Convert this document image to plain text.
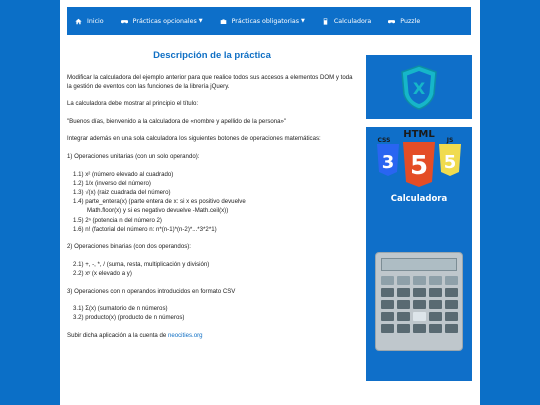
Inicio	Prácticas opcionales ▼	Prácticas obligatorias ▼	Calculadora	Puzzle
Descripción de la práctica

Modificar la calculadora del ejemplo anterior para que realice todos sus accesos a elementos DOM y toda la gestión de eventos con las funciones de la librería jQuery.

La calculadora debe mostrar al principio el título:

"Buenos días, bienvenido a la calculadora de «nombre y apellido de la persona»"

Integrar además en una sola calculadora los siguientes botones de operaciones matemáticas:

1) Operaciones unitarias (con un solo operando):

1.1) x² (número elevado al cuadrado)
1.2) 1/x (inverso del número)
1.3) √(x) (raiz cuadrada del número)
1.4) parte_entera(x) (parte entera de x: si x es positivo devuelve
Math.floor(x) y si es negativo devuelve -Math.ceil(x))
1.5) 2ⁿ (potencia n del número 2)
1.6) n! (factorial del número n: n*(n-1)*(n-2)*...*3*2*1)

2) Operaciones binarias (con dos operandos):

2.1) +, -, *, / (suma, resta, multiplicación y división)
2.2) xʸ (x elevado a y)

3) Operaciones con n operandos introducidos en formato CSV

3.1) Σ(x) (sumatorio de n números)
3.2) producto(x) (producto de n números)

Subir dicha aplicación a la cuenta de neocities.org

X
HTML
3
CSS
5
JS
5
Calculadora
